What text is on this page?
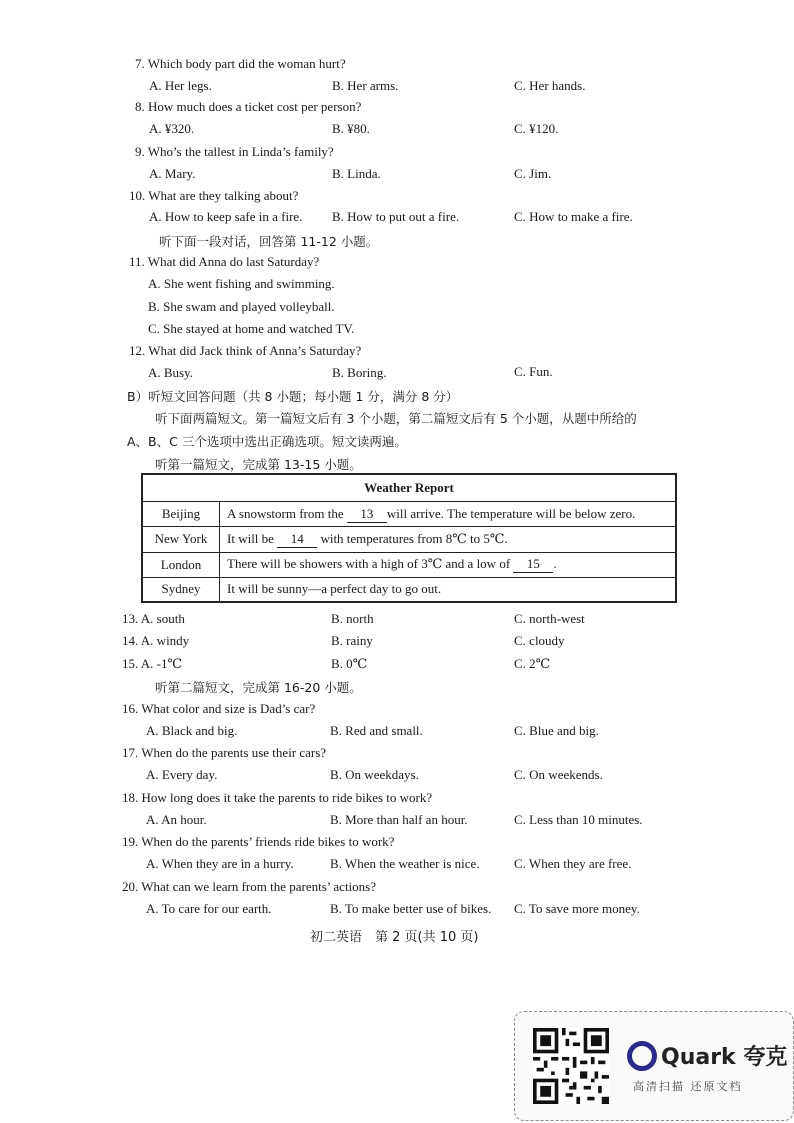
7. Which body part did the woman hurt?
A. Her legs.	B. Her arms.	C. Her hands.
8. How much does a ticket cost per person?
A. ¥320.	B. ¥80.	C. ¥120.
9. Who’s the tallest in Linda’s family?
A. Mary.	B. Linda.	C. Jim.
10. What are they talking about?
A. How to keep safe in a fire. B. How to put out a fire.	C. How to make a fire.
听下面一段对话，回答第 11-12 小题。
11. What did Anna do last Saturday?
A. She went fishing and swimming.
B. She swam and played volleyball.
C. She stayed at home and watched TV.
12. What did Jack think of Anna’s Saturday?
A. Busy.	B. Boring.	C. Fun.
B）听短文回答问题（共 8 小题；每小题 1 分，满分 8 分）
听下面两篇短文。第一篇短文后有 3 个小题，第二篇短文后有 5 个小题，从题中所给的
A、B、C 三个选项中选出正确选项。短文读两遍。
听第一篇短文，完成第 13-15 小题。
Weather Report	
Beijing	A snowstorm from the 13 will arrive. The temperature will be below zero.
New York	It will be 14 with temperatures from 8℃ to 5℃.
London	There will be showers with a high of 3℃ and a low of 15 .
Sydney	It will be sunny—a perfect day to go out.
13. A. south	B. north	C. north-west
14. A. windy	B. rainy	C. cloudy
15. A. -1℃	B. 0℃	C. 2℃
听第二篇短文，完成第 16-20 小题。
16. What color and size is Dad’s car?
A. Black and big.	B. Red and small.	C. Blue and big.
17. When do the parents use their cars?
A. Every day.	B. On weekdays.	C. On weekends.
18. How long does it take the parents to ride bikes to work?
A. An hour.	B. More than half an hour.	C. Less than 10 minutes.
19. When do the parents’ friends ride bikes to work?
A. When they are in a hurry.	B. When the weather is nice.	C. When they are free.
20. What can we learn from the parents’ actions?
A. To care for our earth.	B. To make better use of bikes. C. To save more money.
初二英语　第 2 页(共 10 页)
Quark 夸克
高清扫描 还原文档
